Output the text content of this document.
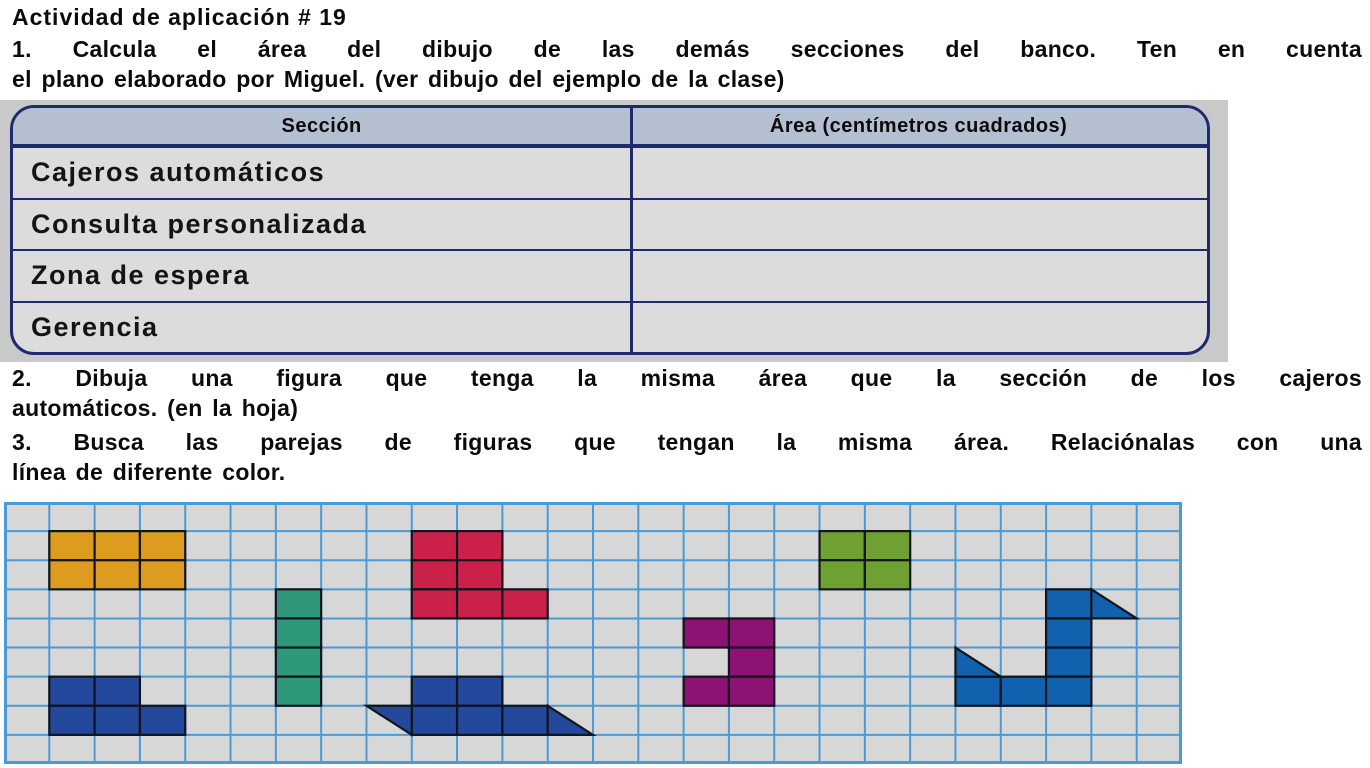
Actividad de aplicación # 19
1. Calcula el área del dibujo de las demás secciones del banco. Ten en cuenta
el plano elaborado por Miguel. (ver dibujo del ejemplo de la clase)
Sección	Área (centímetros cuadrados)
Cajeros automáticos
Consulta personalizada
Zona de espera
Gerencia
2. Dibuja una figura que tenga la misma área que la sección de los cajeros
automáticos. (en la hoja)
3. Busca las parejas de figuras que tengan la misma área. Relaciónalas con una
línea de diferente color.
